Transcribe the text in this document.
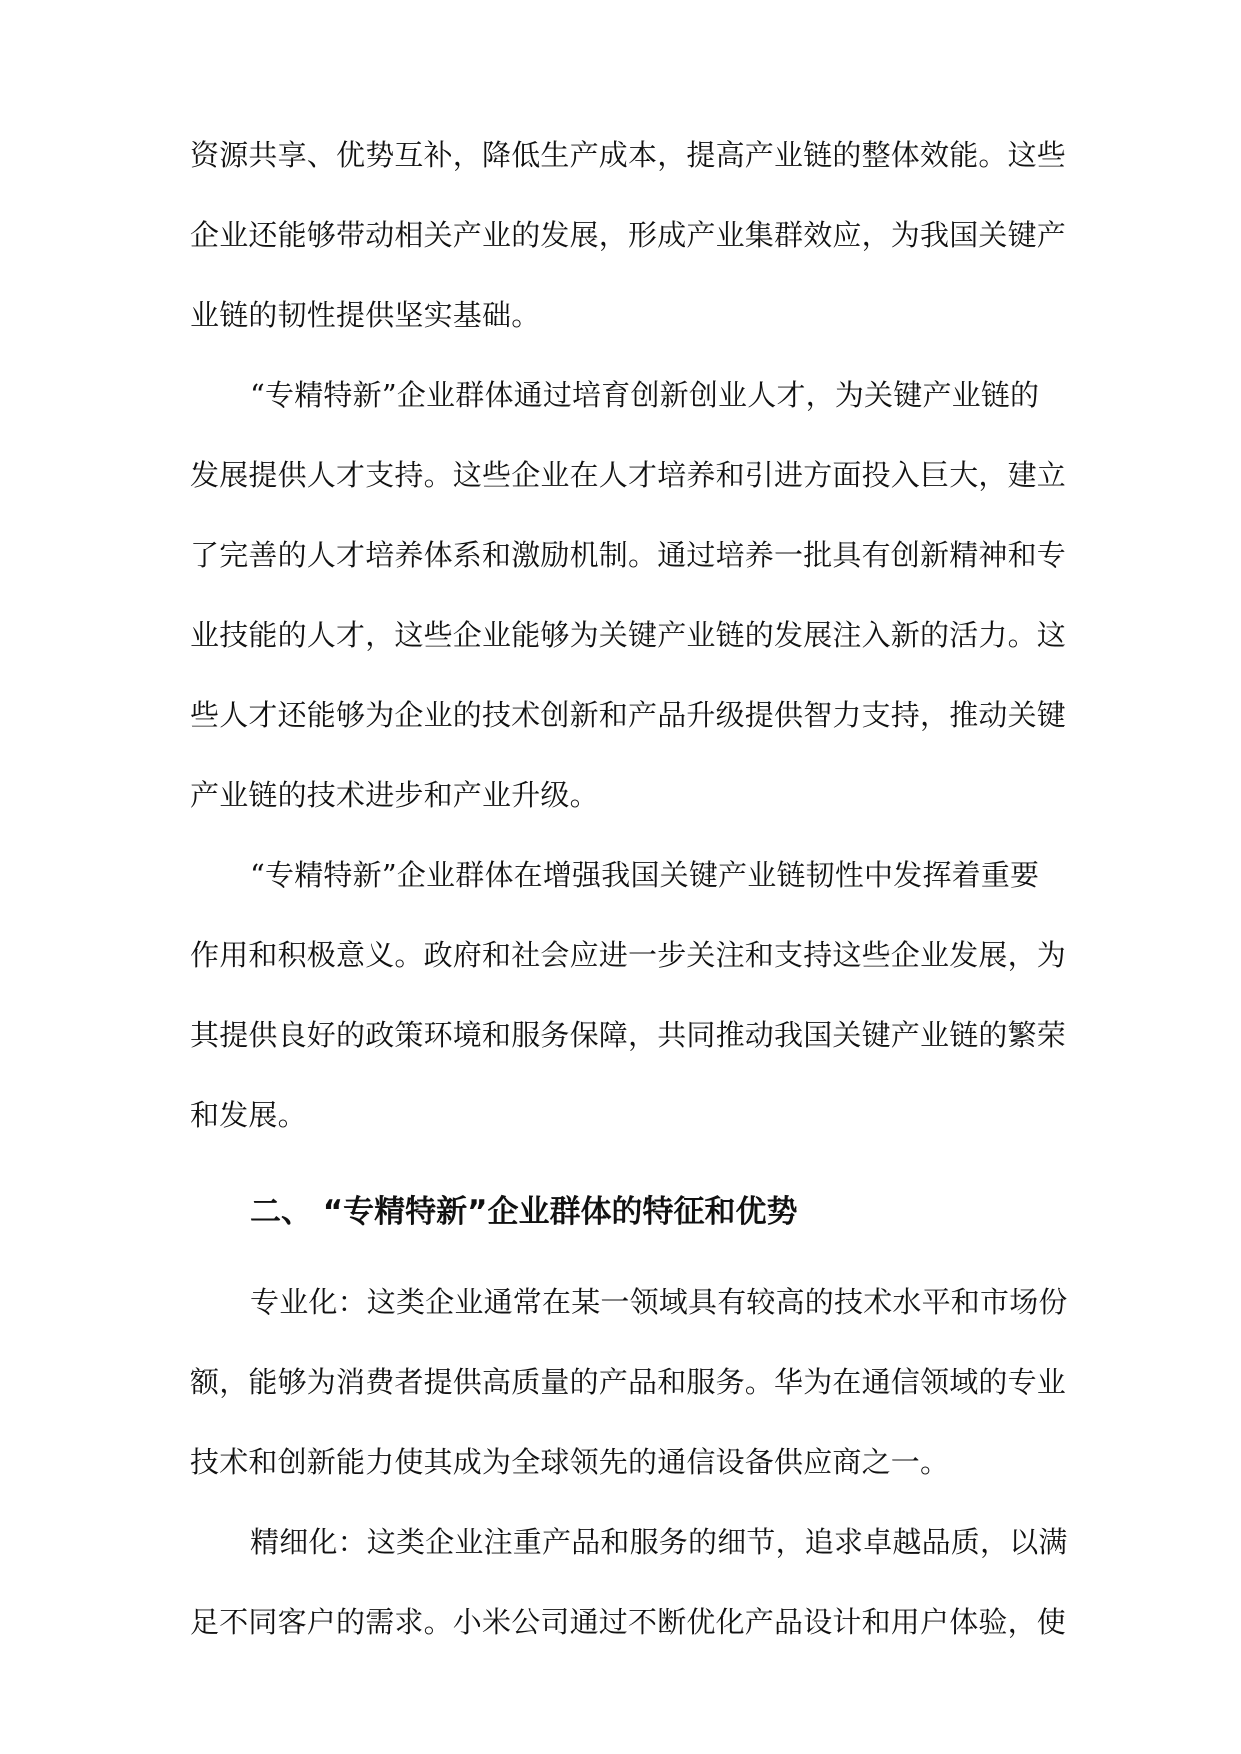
资源共享、优势互补，降低生产成本，提高产业链的整体效能。这些
企业还能够带动相关产业的发展，形成产业集群效应，为我国关键产
业链的韧性提供坚实基础。
“专精特新”企业群体通过培育创新创业人才，为关键产业链的
发展提供人才支持。这些企业在人才培养和引进方面投入巨大，建立
了完善的人才培养体系和激励机制。通过培养一批具有创新精神和专
业技能的人才，这些企业能够为关键产业链的发展注入新的活力。这
些人才还能够为企业的技术创新和产品升级提供智力支持，推动关键
产业链的技术进步和产业升级。
“专精特新”企业群体在增强我国关键产业链韧性中发挥着重要
作用和积极意义。政府和社会应进一步关注和支持这些企业发展，为
其提供良好的政策环境和服务保障，共同推动我国关键产业链的繁荣
和发展。
二、 “专精特新”企业群体的特征和优势
专业化：这类企业通常在某一领域具有较高的技术水平和市场份
额，能够为消费者提供高质量的产品和服务。华为在通信领域的专业
技术和创新能力使其成为全球领先的通信设备供应商之一。
精细化：这类企业注重产品和服务的细节，追求卓越品质，以满
足不同客户的需求。小米公司通过不断优化产品设计和用户体验，使
